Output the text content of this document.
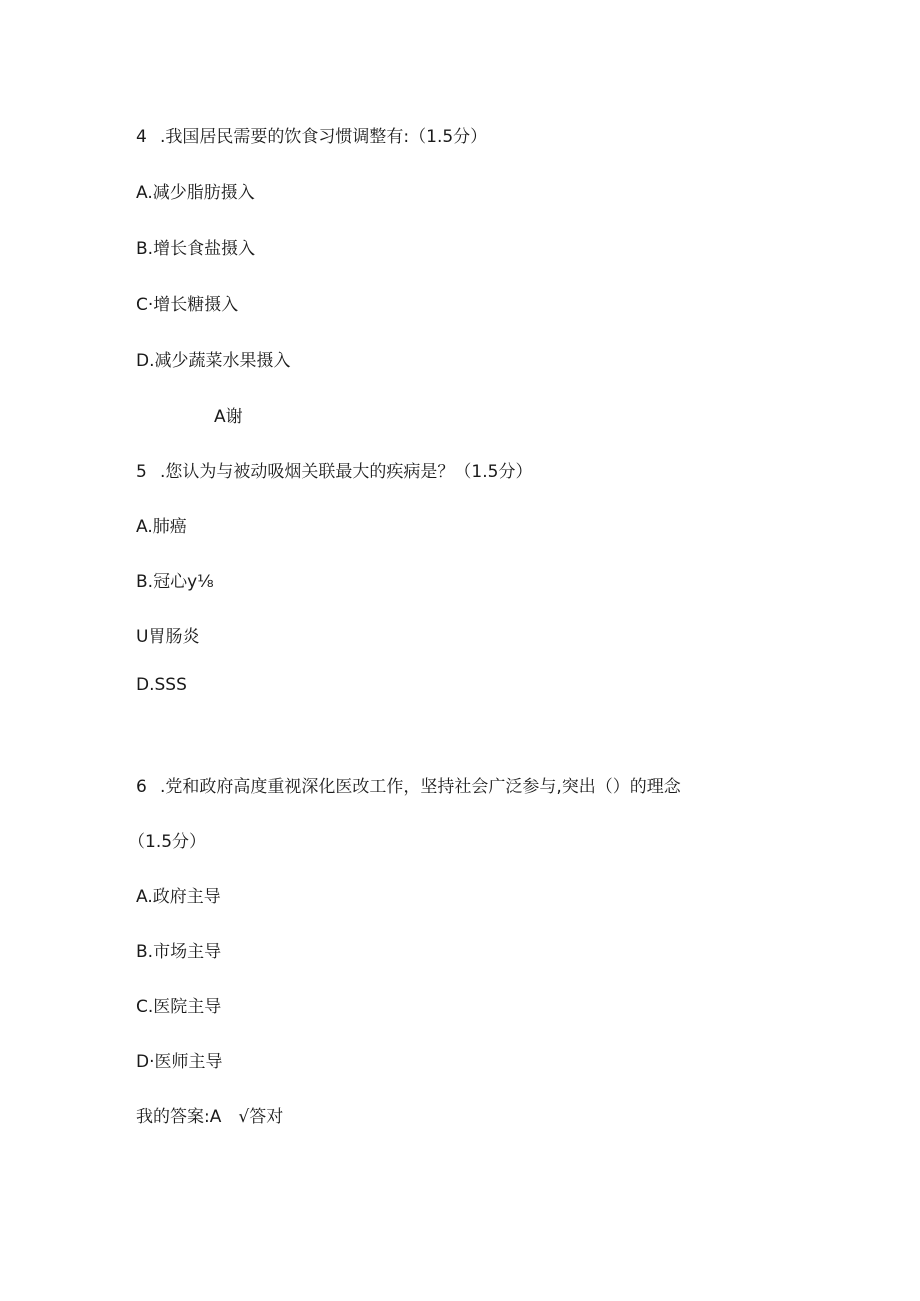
4 .我国居民需要的饮食习惯调整有:（1.5分）
A.减少脂肪摄入
B.增长食盐摄入
C·增长糖摄入
D.减少蔬菜水果摄入
A谢
5 .您认为与被动吸烟关联最大的疾病是？（1.5分）
A.肺癌
B.冠心y⅛
U胃肠炎
D.SSS
6 .党和政府高度重视深化医改工作，坚持社会广泛参与,突出（）的理念
（1.5分）
A.政府主导
B.市场主导
C.医院主导
D·医师主导
我的答案:A　√答对
